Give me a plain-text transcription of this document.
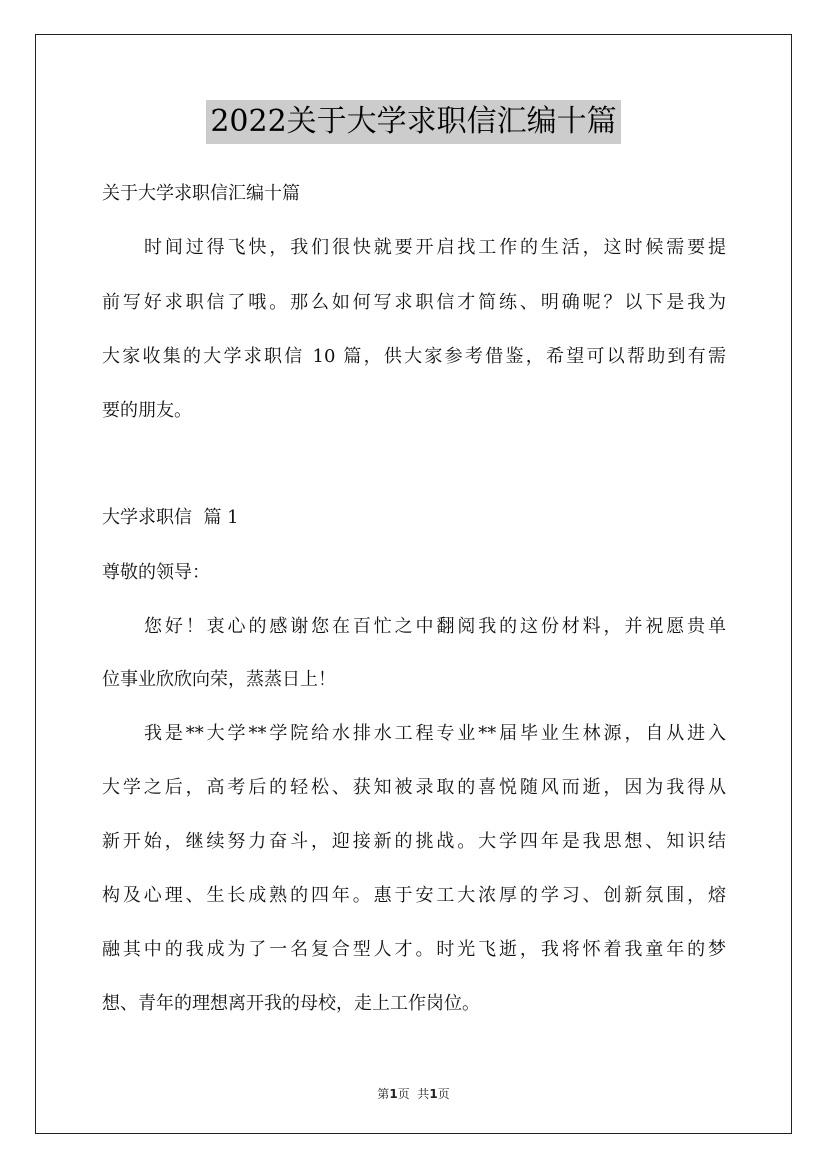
2022关于大学求职信汇编十篇
关于大学求职信汇编十篇
时间过得飞快，我们很快就要开启找工作的生活，这时候需要提
前写好求职信了哦。那么如何写求职信才简练、明确呢？以下是我为
大家收集的大学求职信 10 篇，供大家参考借鉴，希望可以帮助到有需
要的朋友。
大学求职信  篇 1
尊敬的领导：
您好！衷心的感谢您在百忙之中翻阅我的这份材料，并祝愿贵单
位事业欣欣向荣，蒸蒸日上！
我是**大学**学院给水排水工程专业**届毕业生林源，自从进入
大学之后，高考后的轻松、获知被录取的喜悦随风而逝，因为我得从
新开始，继续努力奋斗，迎接新的挑战。大学四年是我思想、知识结
构及心理、生长成熟的四年。惠于安工大浓厚的学习、创新氛围，熔
融其中的我成为了一名复合型人才。时光飞逝，我将怀着我童年的梦
想、青年的理想离开我的母校，走上工作岗位。
第1页  共1页
